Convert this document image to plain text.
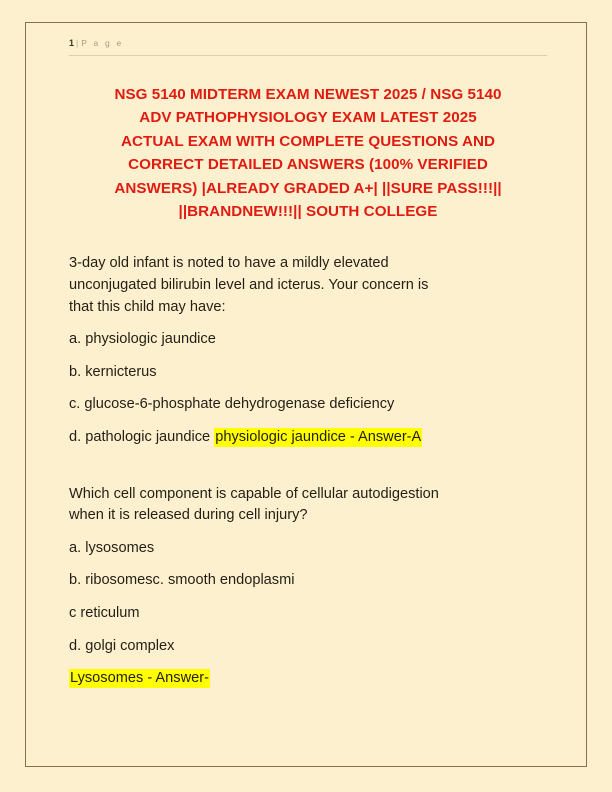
1 | P a g e
NSG 5140 MIDTERM EXAM NEWEST 2025 / NSG 5140
ADV PATHOPHYSIOLOGY EXAM LATEST 2025
ACTUAL EXAM WITH COMPLETE QUESTIONS AND
CORRECT DETAILED ANSWERS (100% VERIFIED
ANSWERS) |ALREADY GRADED A+| ||SURE PASS!!!||
||BRANDNEW!!!|| SOUTH COLLEGE

3-day old infant is noted to have a mildly elevated
unconjugated bilirubin level and icterus. Your concern is
that this child may have:

a. physiologic jaundice

b. kernicterus

c. glucose-6-phosphate dehydrogenase deficiency

d. pathologic jaundice physiologic jaundice - Answer-A

Which cell component is capable of cellular autodigestion
when it is released during cell injury?

a. lysosomes

b. ribosomesc. smooth endoplasmi

c reticulum

d. golgi complex

Lysosomes - Answer-
